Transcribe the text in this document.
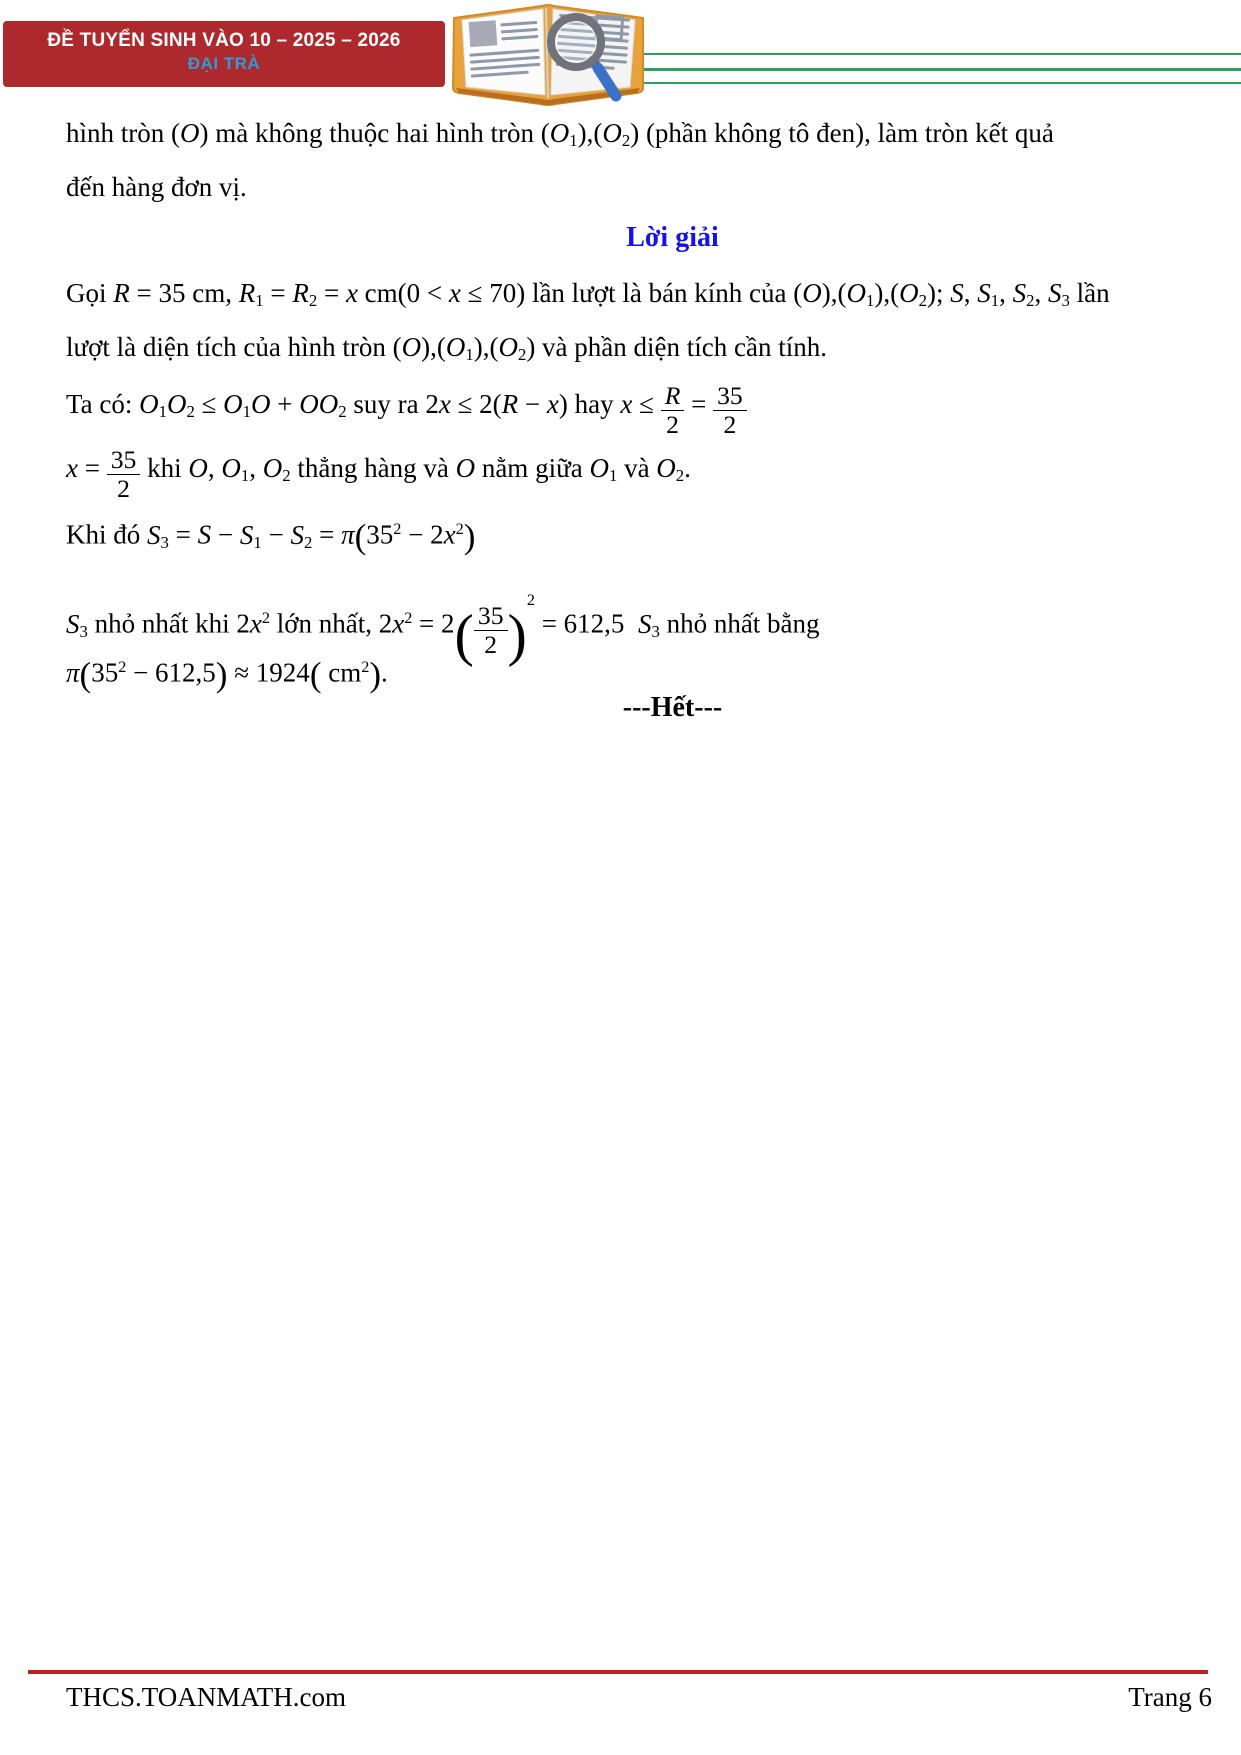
ĐỀ TUYỂN SINH VÀO 10 – 2025 – 2026
ĐẠI TRÀ

hình tròn (O) mà không thuộc hai hình tròn (O1),(O2) (phần không tô đen), làm tròn kết quả
đến hàng đơn vị.

Lời giải

Gọi R = 35 cm, R1 = R2 = x cm(0 < x ≤ 70) lần lượt là bán kính của (O),(O1),(O2); S, S1, S2, S3 lần
lượt là diện tích của hình tròn (O),(O1),(O2) và phần diện tích cần tính.

Ta có: O1O2 ≤ O1O + OO2 suy ra 2x ≤ 2(R − x) hay $x \le \frac{R}{2} = \frac{35}{2}$

$x = \frac{35}{2}$ khi O, O1, O2 thẳng hàng và O nằm giữa O1 và O2.

Khi đó $S3 = S - S1 - S2 = \pi(35^2 - 2x^2)$

S3 nhỏ nhất khi $2x^2$ lớn nhất, $2x^2 = 2( \frac{35}{2} )^2 = 612,5$  S3 nhỏ nhất bằng

$\pi(35^2 - 612,5) \approx 1924$( $cm^2$).

---Hết---
THCS.TOANMATH.com	Trang 6
